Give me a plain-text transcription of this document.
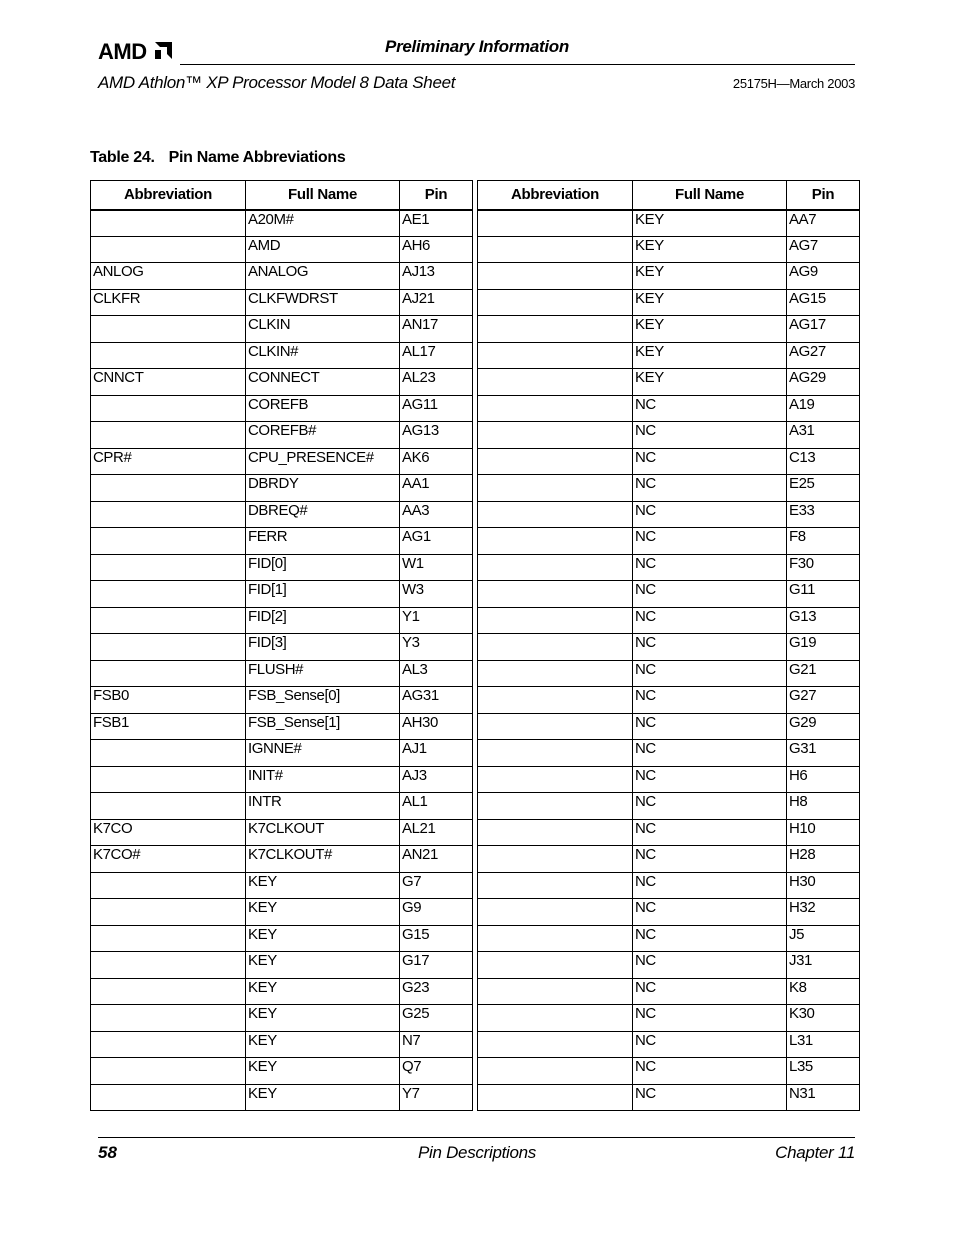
AMD	Preliminary Information
AMD Athlon™ XP Processor Model 8 Data Sheet	25175H—March 2003
Table 24. Pin Name Abbreviations
Abbreviation	Full Name	Pin
	A20M#	AE1
	AMD	AH6
ANLOG	ANALOG	AJ13
CLKFR	CLKFWDRST	AJ21
	CLKIN	AN17
	CLKIN#	AL17
CNNCT	CONNECT	AL23
	COREFB	AG11
	COREFB#	AG13
CPR#	CPU_PRESENCE#	AK6
	DBRDY	AA1
	DBREQ#	AA3
	FERR	AG1
	FID[0]	W1
	FID[1]	W3
	FID[2]	Y1
	FID[3]	Y3
	FLUSH#	AL3
FSB0	FSB_Sense[0]	AG31
FSB1	FSB_Sense[1]	AH30
	IGNNE#	AJ1
	INIT#	AJ3
	INTR	AL1
K7CO	K7CLKOUT	AL21
K7CO#	K7CLKOUT#	AN21
	KEY	G7
	KEY	G9
	KEY	G15
	KEY	G17
	KEY	G23
	KEY	G25
	KEY	N7
	KEY	Q7
	KEY	Y7
Abbreviation	Full Name	Pin
	KEY	AA7
	KEY	AG7
	KEY	AG9
	KEY	AG15
	KEY	AG17
	KEY	AG27
	KEY	AG29
	NC	A19
	NC	A31
	NC	C13
	NC	E25
	NC	E33
	NC	F8
	NC	F30
	NC	G11
	NC	G13
	NC	G19
	NC	G21
	NC	G27
	NC	G29
	NC	G31
	NC	H6
	NC	H8
	NC	H10
	NC	H28
	NC	H30
	NC	H32
	NC	J5
	NC	J31
	NC	K8
	NC	K30
	NC	L31
	NC	L35
	NC	N31
58	Pin Descriptions	Chapter 11
